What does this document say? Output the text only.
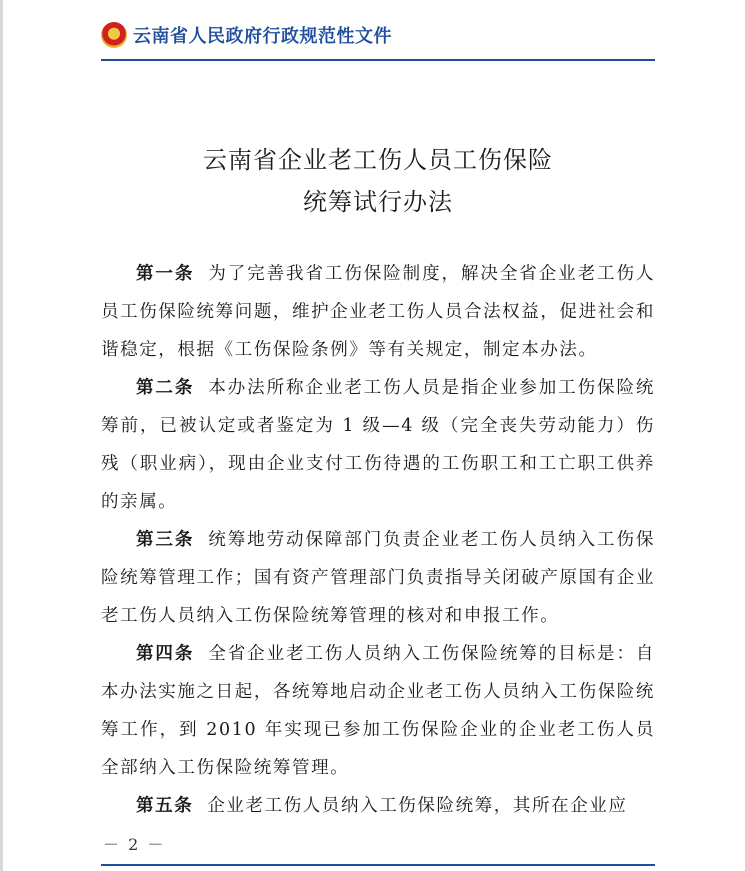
云南省人民政府行政规范性文件
云南省企业老工伤人员工伤保险
统筹试行办法

第一条 为了完善我省工伤保险制度，解决全省企业老工伤人员工伤保险统筹问题，维护企业老工伤人员合法权益，促进社会和谐稳定，根据《工伤保险条例》等有关规定，制定本办法。

第二条 本办法所称企业老工伤人员是指企业参加工伤保险统筹前，已被认定或者鉴定为 1 级—4 级（完全丧失劳动能力）伤残（职业病），现由企业支付工伤待遇的工伤职工和工亡职工供养的亲属。

第三条 统筹地劳动保障部门负责企业老工伤人员纳入工伤保险统筹管理工作；国有资产管理部门负责指导关闭破产原国有企业老工伤人员纳入工伤保险统筹管理的核对和申报工作。

第四条 全省企业老工伤人员纳入工伤保险统筹的目标是：自本办法实施之日起，各统筹地启动企业老工伤人员纳入工伤保险统筹工作，到 2010 年实现已参加工伤保险企业的企业老工伤人员全部纳入工伤保险统筹管理。

第五条 企业老工伤人员纳入工伤保险统筹，其所在企业应

－ 2 －
